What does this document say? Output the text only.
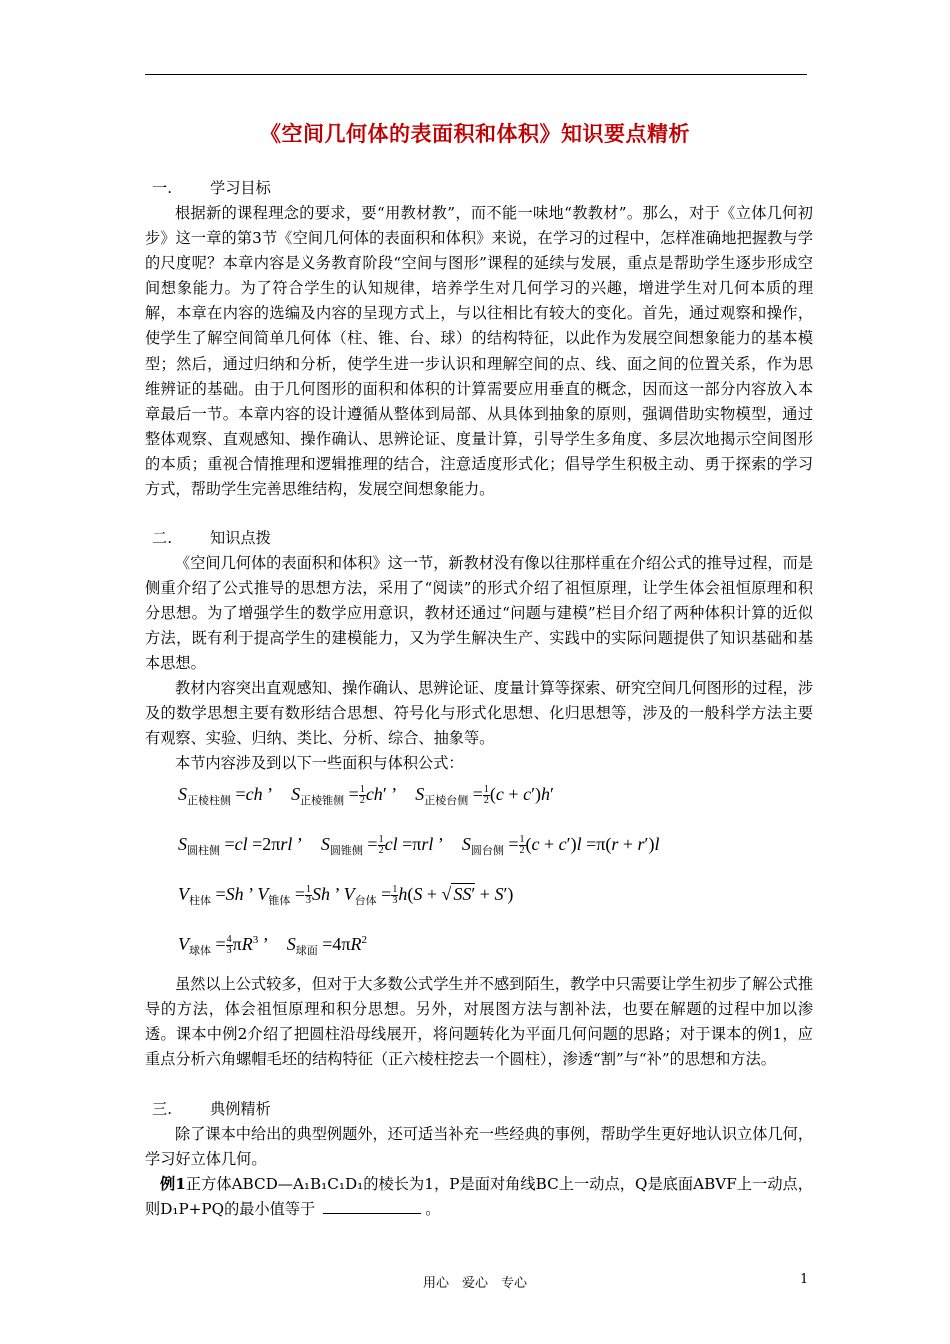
《空间几何体的表面积和体积》知识要点精析
一. 学习目标

根据新的课程理念的要求，要“用教材教”，而不能一味地“教教材”。那么，对于《立体几何初步》这一章的第3节《空间几何体的表面积和体积》来说，在学习的过程中，怎样准确地把握教与学的尺度呢？本章内容是义务教育阶段“空间与图形”课程的延续与发展，重点是帮助学生逐步形成空间想象能力。为了符合学生的认知规律，培养学生对几何学习的兴趣，增进学生对几何本质的理解，本章在内容的选编及内容的呈现方式上，与以往相比有较大的变化。首先，通过观察和操作，使学生了解空间简单几何体（柱、锥、台、球）的结构特征，以此作为发展空间想象能力的基本模型；然后，通过归纳和分析，使学生进一步认识和理解空间的点、线、面之间的位置关系，作为思维辨证的基础。由于几何图形的面积和体积的计算需要应用垂直的概念，因而这一部分内容放入本章最后一节。本章内容的设计遵循从整体到局部、从具体到抽象的原则，强调借助实物模型，通过整体观察、直观感知、操作确认、思辨论证、度量计算，引导学生多角度、多层次地揭示空间图形的本质；重视合情推理和逻辑推理的结合，注意适度形式化；倡导学生积极主动、勇于探索的学习方式，帮助学生完善思维结构，发展空间想象能力。

二. 知识点拨

《空间几何体的表面积和体积》这一节，新教材没有像以往那样重在介绍公式的推导过程，而是侧重介绍了公式推导的思想方法，采用了“阅读”的形式介绍了祖恒原理，让学生体会祖恒原理和积分思想。为了增强学生的数学应用意识，教材还通过“问题与建模”栏目介绍了两种体积计算的近似方法，既有利于提高学生的建模能力，又为学生解决生产、实践中的实际问题提供了知识基础和基本思想。

教材内容突出直观感知、操作确认、思辨论证、度量计算等探索、研究空间几何图形的过程，涉及的数学思想主要有数形结合思想、符号化与形式化思想、化归思想等，涉及的一般科学方法主要有观察、实验、归纳、类比、分析、综合、抽象等。

本节内容涉及到以下一些面积与体积公式：

$S_{正棱柱侧} =ch$ ’ $S_{正棱锥侧} = \frac{1}{2} ch'$ ’ $S_{正棱台侧} = \frac{1}{2} (c + c')h'$
$S_{圆柱侧} =cl =2\pi rl$ ’ $S_{圆锥侧} = \frac{1}{2}$ cl =πrl ’ $S_{圆台侧} = \frac{1}{2} (c + c')l =\pi(r + r')l$
$V_{柱体} =Sh$ ’ $V_{锥体} = \frac{1}{3}$ Sh ’ $V_{台体} = \frac{1}{3} h(S$ + √ SS′ + S′)
$V_{球体} = \frac{4}{3} \pi R^3$ ’ $S_{球面} =4\pi R^2$

虽然以上公式较多，但对于大多数公式学生并不感到陌生，教学中只需要让学生初步了解公式推导的方法，体会祖恒原理和积分思想。另外，对展图方法与割补法，也要在解题的过程中加以渗透。课本中例2介绍了把圆柱沿母线展开，将问题转化为平面几何问题的思路；对于课本的例1，应重点分析六角螺帽毛坯的结构特征（正六棱柱挖去一个圆柱），渗透“割”与“补”的思想和方法。

三. 典例精析

除了课本中给出的典型例题外，还可适当补充一些经典的事例，帮助学生更好地认识立体几何，学习好立体几何。

例1正方体ABCD—A₁B₁C₁D₁的棱长为1，P是面对角线BC上一动点，Q是底面ABVF上一动点，则D₁P+PQ的最小值等于	。

用心　爱心　专心	1
